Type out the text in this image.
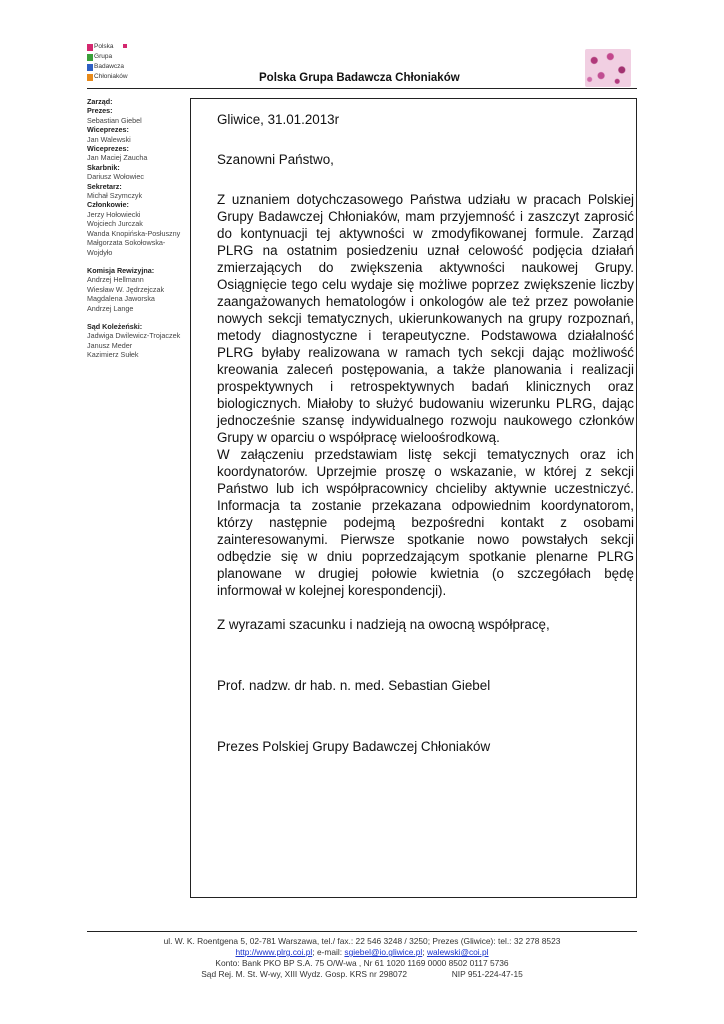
P olska
G rupa
B adawcza
C hłoniaków	Polska Grupa Badawcza Chłoniaków
Zarząd:
Prezes:
Sebastian Giebel
Wiceprezes:
Jan Walewski
Wiceprezes:
Jan Maciej Zaucha
Skarbnik:
Dariusz Wołowiec
Sekretarz:
Michał Szymczyk
Członkowie:
Jerzy Hołowiecki
Wojciech Jurczak
Wanda Knopińska-Posłuszny
Małgorzata Sokołowska-
Wojdyło
Komisja Rewizyjna:
Andrzej Hellmann
Wiesław W. Jędrzejczak
Magdalena Jaworska
Andrzej Lange
Sąd Koleżeński:
Jadwiga Dwilewicz-Trojaczek
Janusz Meder
Kazimierz Sułek

Gliwice, 31.01.2013r

Szanowni Państwo,

Z uznaniem dotychczasowego Państwa udziału w pracach Polskiej Grupy Badawczej Chłoniaków, mam przyjemność i zaszczyt zaprosić do kontynuacji tej aktywności w zmodyfikowanej formule. Zarząd PLRG na ostatnim posiedzeniu uznał celowość podjęcia działań zmierzających do zwiększenia aktywności naukowej Grupy. Osiągnięcie tego celu wydaje się możliwe poprzez zwiększenie liczby zaangażowanych hematologów i onkologów ale też przez powołanie nowych sekcji tematycznych, ukierunkowanych na grupy rozpoznań, metody diagnostyczne i terapeutyczne. Podstawowa działalność PLRG byłaby realizowana w ramach tych sekcji dając możliwość kreowania zaleceń postępowania, a także planowania i realizacji prospektywnych i retrospektywnych badań klinicznych oraz biologicznych. Miałoby to służyć budowaniu wizerunku PLRG, dając jednocześnie szansę indywidualnego rozwoju naukowego członków Grupy w oparciu o współpracę wieloośrodkową.

W załączeniu przedstawiam listę sekcji tematycznych oraz ich koordynatorów. Uprzejmie proszę o wskazanie, w której z sekcji Państwo lub ich współpracownicy chcieliby aktywnie uczestniczyć. Informacja ta zostanie przekazana odpowiednim koordynatorom, którzy następnie podejmą bezpośredni kontakt z osobami zainteresowanymi. Pierwsze spotkanie nowo powstałych sekcji odbędzie się w dniu poprzedzającym spotkanie plenarne PLRG planowane w drugiej połowie kwietnia (o szczegółach będę informował w kolejnej korespondencji).

Z wyrazami szacunku i nadzieją na owocną współpracę,

Prof. nadzw. dr hab. n. med. Sebastian Giebel

Prezes Polskiej Grupy Badawczej Chłoniaków

ul. W. K. Roentgena 5, 02-781 Warszawa, tel./ fax.: 22 546 3248 / 3250; Prezes (Gliwice): tel.: 32 278 8523
http://www.plrg.coi.pl; e-mail: sgiebel@io.gliwice.pl; walewski@coi.pl
Konto: Bank PKO BP S.A. 75 O/W-wa , Nr 61 1020 1169 0000 8502 0117 5736
Sąd Rej. M. St. W-wy, XIII Wydz. Gosp. KRS nr 298072	NIP 951-224-47-15
